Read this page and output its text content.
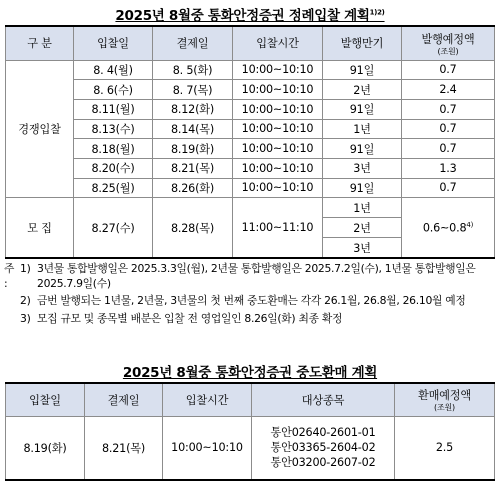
2025년 8월중 통화안정증권 정례입찰 계획$^{1)2)}$
구 분	입찰일	결제일	입찰시간	발행만기	발행예정액
(조원)

경쟁입찰	8. 4(월)	8. 5(화)	10:00~10:10	91일	0.7
	8. 6(수)	8. 7(목)	10:00~10:10	2년	2.4
	8.11(월)	8.12(화)	10:00~10:10	91일	0.7
	8.13(수)	8.14(목)	10:00~10:10	1년	0.7
	8.18(월)	8.19(화)	10:00~10:10	91일	0.7
	8.20(수)	8.21(목)	10:00~10:10	3년	1.3
	8.25(월)	8.26(화)	10:00~10:10	91일	0.7
모 집	8.27(수)	8.28(목)	11:00~11:10	1년	0.6~0.8$^{4)}$
				2년	
				3년	
주 :
1) 3년물 통합발행일은 2025.3.3일(월), 2년물 통합발행일은 2025.7.2일(수), 1년물 통합발행일은 2025.7.9일(수)
2) 금번 발행되는 1년물, 2년물, 3년물의 첫 번째 중도환매는 각각 26.1월, 26.8월, 26.10월 예정
3) 모집 규모 및 종목별 배분은 입찰 전 영업일인 8.26일(화) 최종 확정
2025년 8월중 통화안정증권 중도환매 계획
입찰일	결제일	입찰시간	대상종목	환매예정액
(조원)

8.19(화)	8.21(목)	10:00~10:10	통안02640-2601-01
통안03365-2604-02
통안03200-2607-02	2.5
